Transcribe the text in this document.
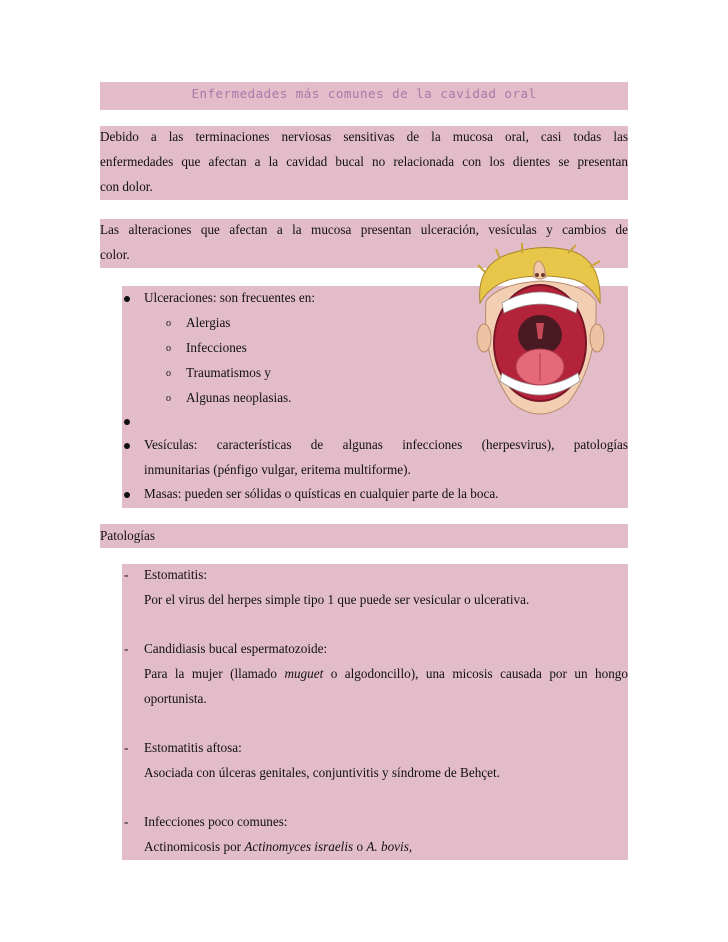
Enfermedades más comunes de la cavidad oral
Debido a las terminaciones nerviosas sensitivas de la mucosa oral, casi todas las
enfermedades que afectan a la cavidad bucal no relacionada con los dientes se presentan
con dolor.
Las alteraciones que afectan a la mucosa presentan ulceración, vesículas y cambios de
color.
Ulceraciones: son frecuentes en:
o Alergias
o Infecciones
o Traumatismos y
o Algunas neoplasias.
Vesículas: características de algunas infecciones (herpesvirus), patologías
inmunitarias (pénfigo vulgar, eritema multiforme).
Masas: pueden ser sólidas o quísticas en cualquier parte de la boca.
Patologías
- Estomatitis:
Por el virus del herpes simple tipo 1 que puede ser vesicular o ulcerativa.
- Candidiasis bucal espermatozoide:
Para la mujer (llamado muguet o algodoncillo), una micosis causada por un hongo
oportunista.
- Estomatitis aftosa:
Asociada con úlceras genitales, conjuntivitis y síndrome de Behçet.
- Infecciones poco comunes:
Actinomicosis por Actinomyces israelis o A. bovis,
